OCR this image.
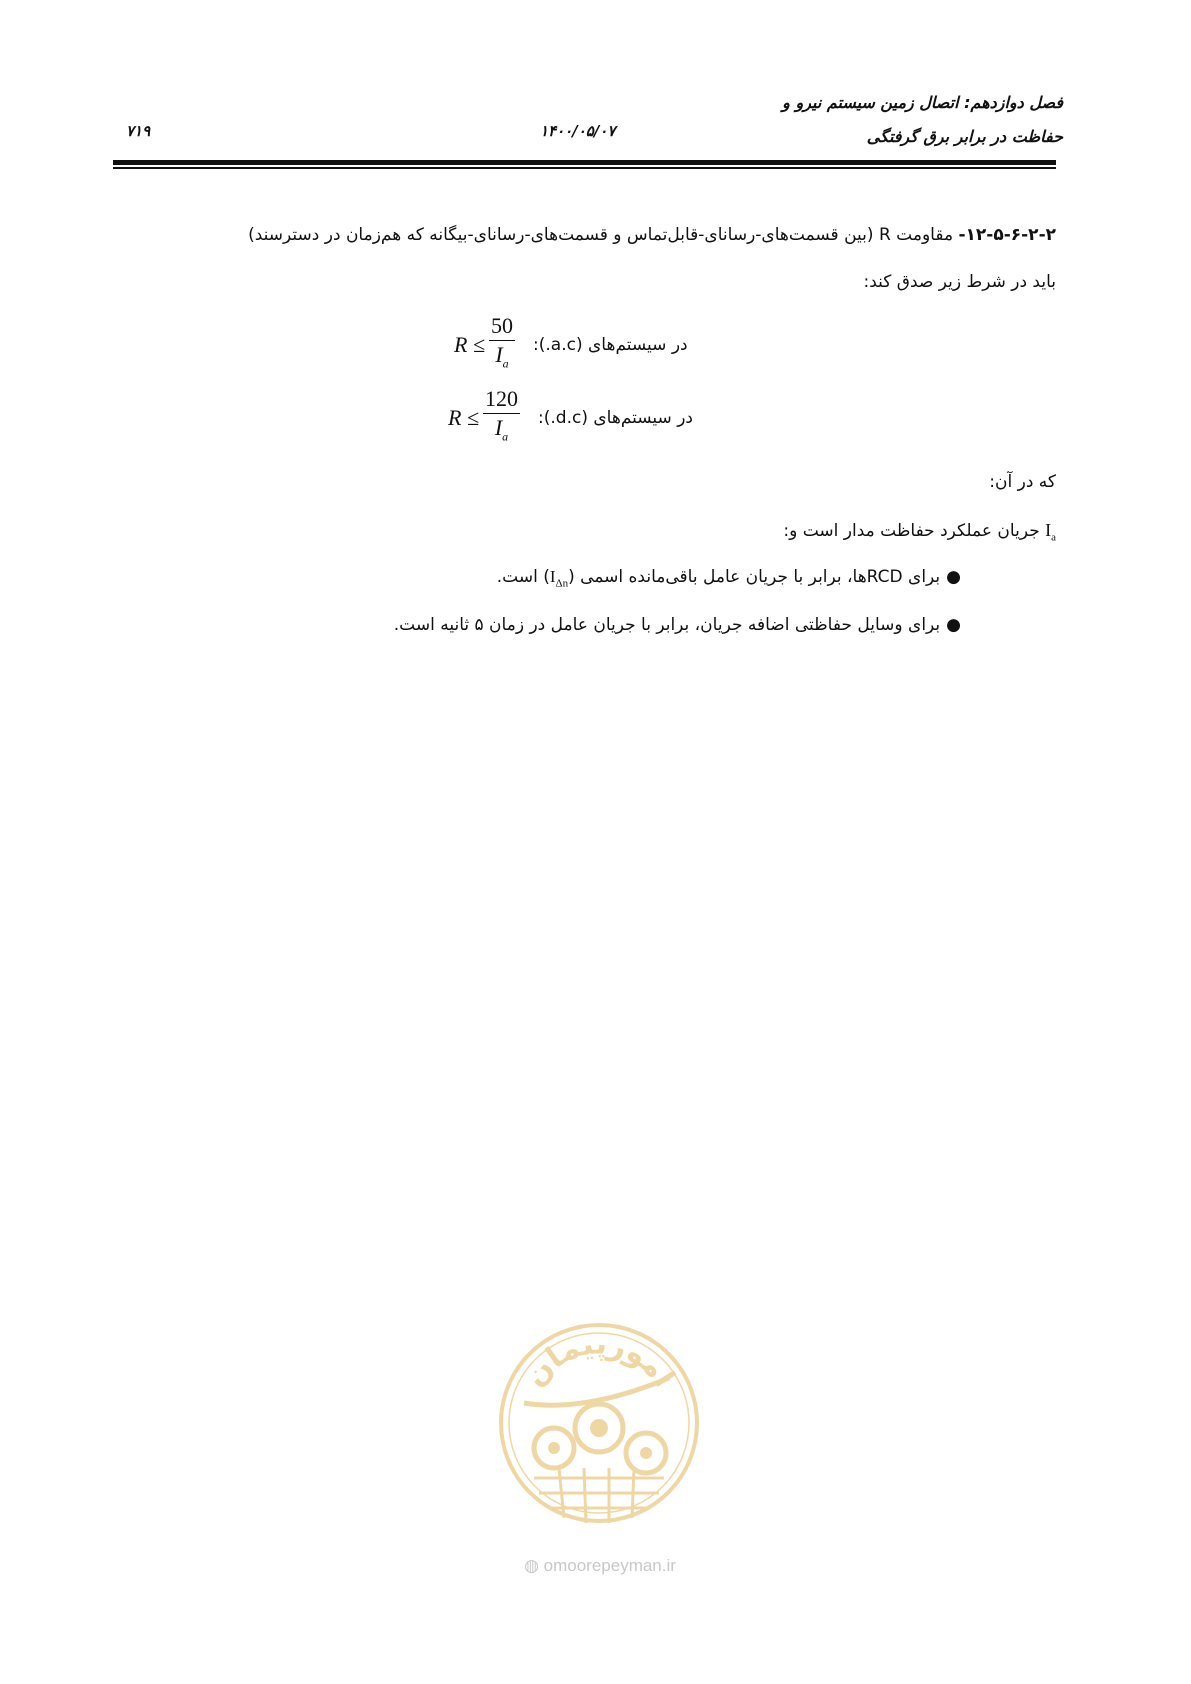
فصل دوازدهم: اتصال زمین سیستم نیرو و
حفاظت در برابر برق گرفتگی
۱۴۰۰/۰۵/۰۷
۷۱۹
۱۲-۵-۶-۲-۲- مقاومت R (بین قسمت‌های-رسانای-قابل‌تماس و قسمت‌های-رسانای-بیگانه که هم‌زمان در دسترسند)
باید در شرط زیر صدق کند:
$R \le \frac{50}{I_a}$ در سیستم‌های (a.c.):
$R \le \frac{120}{I_a}$ در سیستم‌های (d.c.):
که در آن:
$I_a$ جریان عملکرد حفاظت مدار است و:
●برای RCDها، برابر با جریان عامل باقی‌مانده اسمی $(I_{\Delta n})$ است.
●برای وسایل حفاظتی اضافه جریان، برابر با جریان عامل در زمان ۵ ثانیه است.
امورپیمان
◍ omoorepeyman.ir
